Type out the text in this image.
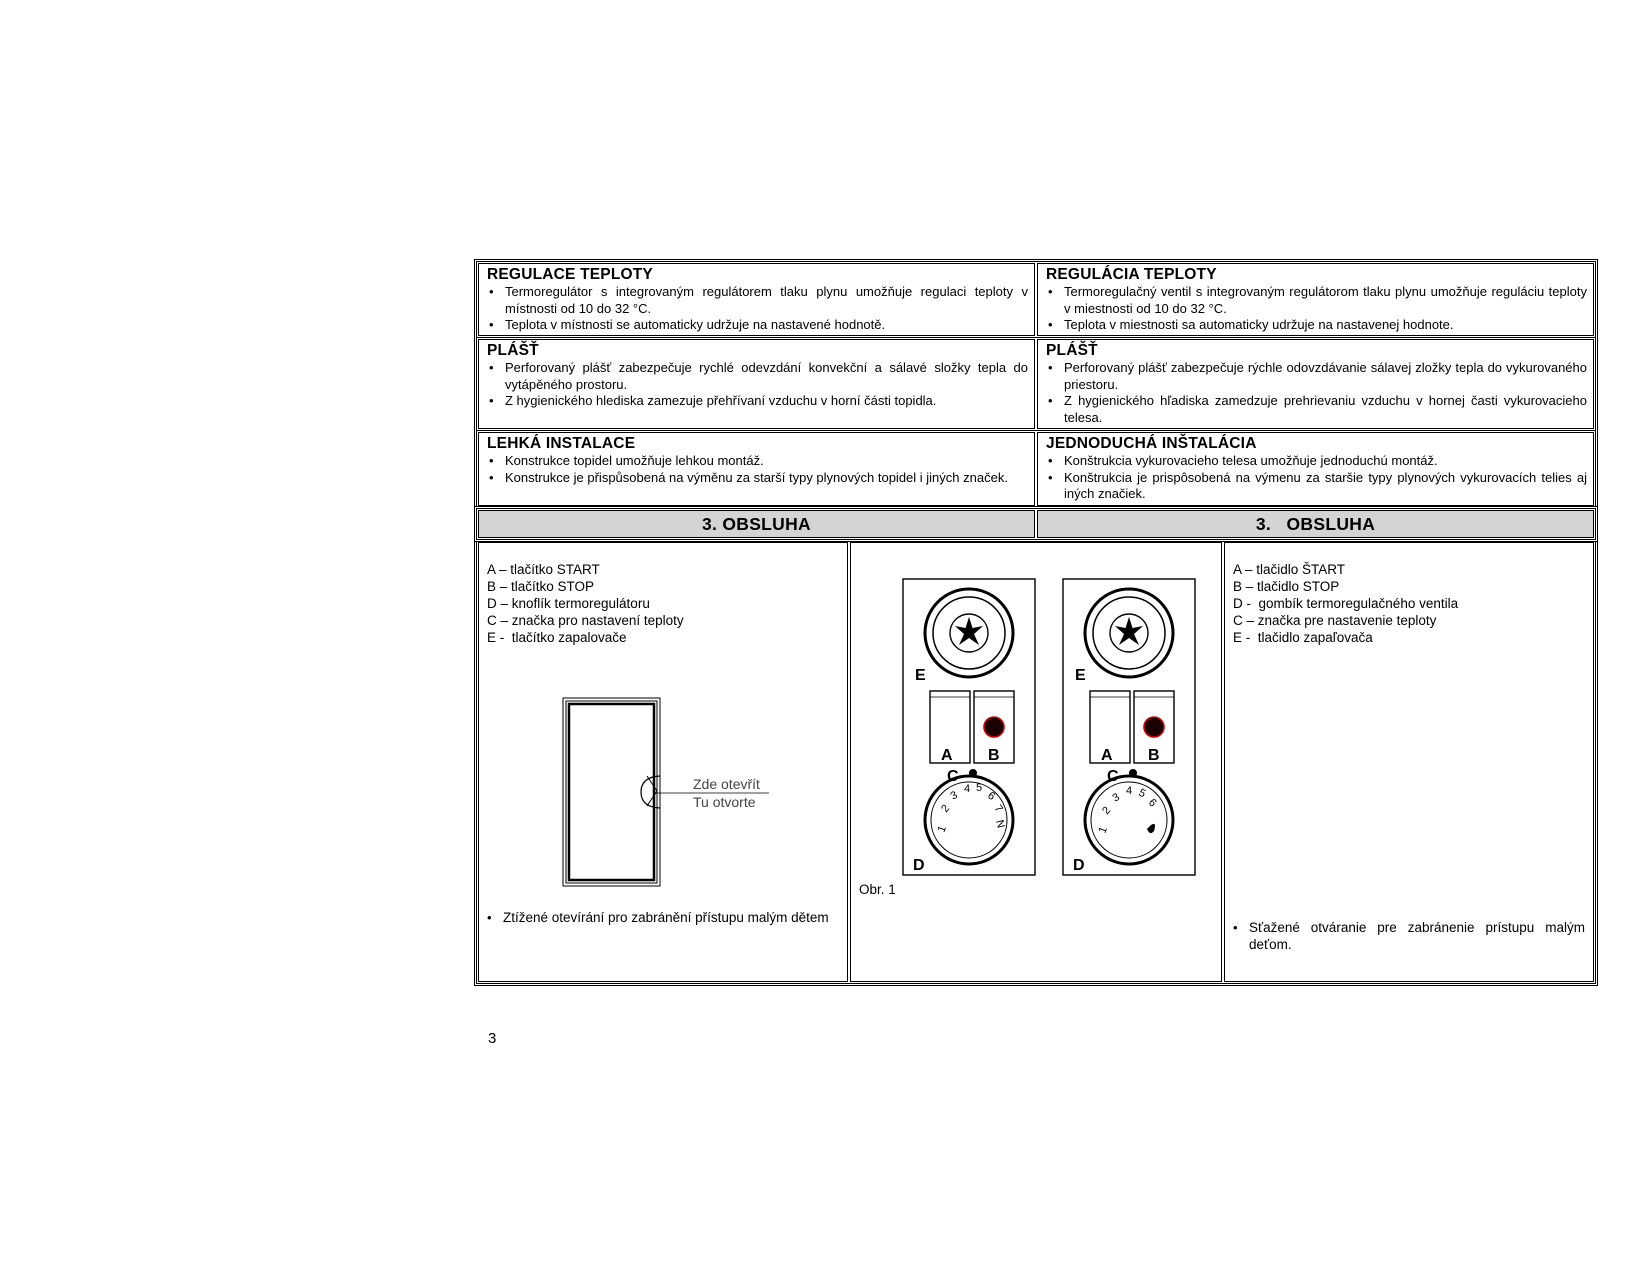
REGULACE TEPLOTY
• Termoregulátor s integrovaným regulátorem tlaku plynu umožňuje regulaci teploty v místnosti od 10 do 32 °C.
• Teplota v místnosti se automaticky udržuje na nastavené hodnotě.
REGULÁCIA TEPLOTY
• Termoregulačný ventil s integrovaným regulátorom tlaku plynu umožňuje reguláciu teploty v miestnosti od 10 do 32 °C.
• Teplota v miestnosti sa automaticky udržuje na nastavenej hodnote.
PLÁŠŤ
• Perforovaný plášť zabezpečuje rychlé odevzdání konvekční a sálavé složky tepla do vytápěného prostoru.
• Z hygienického hlediska zamezuje přehřívaní vzduchu v horní části topidla.
PLÁŠŤ
• Perforovaný plášť zabezpečuje rýchle odovzdávanie sálavej zložky tepla do vykurovaného priestoru.
• Z hygienického hľadiska zamedzuje prehrievaniu vzduchu v hornej časti vykurovacieho telesa.
LEHKÁ INSTALACE
• Konstrukce topidel umožňuje lehkou montáž.
• Konstrukce je přispůsobená na výměnu za starší typy plynových topidel i jiných značek.
JEDNODUCHÁ INŠTALÁCIA
• Konštrukcia vykurovacieho telesa umožňuje jednoduchú montáž.
• Konštrukcia je prispôsobená na výmenu za staršie typy plynových vykurovacích telies aj iných značiek.
3. OBSLUHA	3.   OBSLUHA
A – tlačítko START
B – tlačítko STOP
D – knoflík termoregulátoru
C – značka pro nastavení teploty
E -  tlačítko zapalovače
Zde otevřít
Tu otvorte
• Ztížené otevírání pro zabránění přístupu malým dětem
E
A B
C
1
2
3
4 5
6
7
N
D
E
A B
C
1
2
3
4 5
6
D
Obr. 1
A – tlačidlo ŠTART
B – tlačidlo STOP
D -  gombík termoregulačného ventila
C – značka pre nastavenie teploty
E -  tlačidlo zapaľovača
• Sťažené otváranie pre zabránenie prístupu malým deťom.
3
